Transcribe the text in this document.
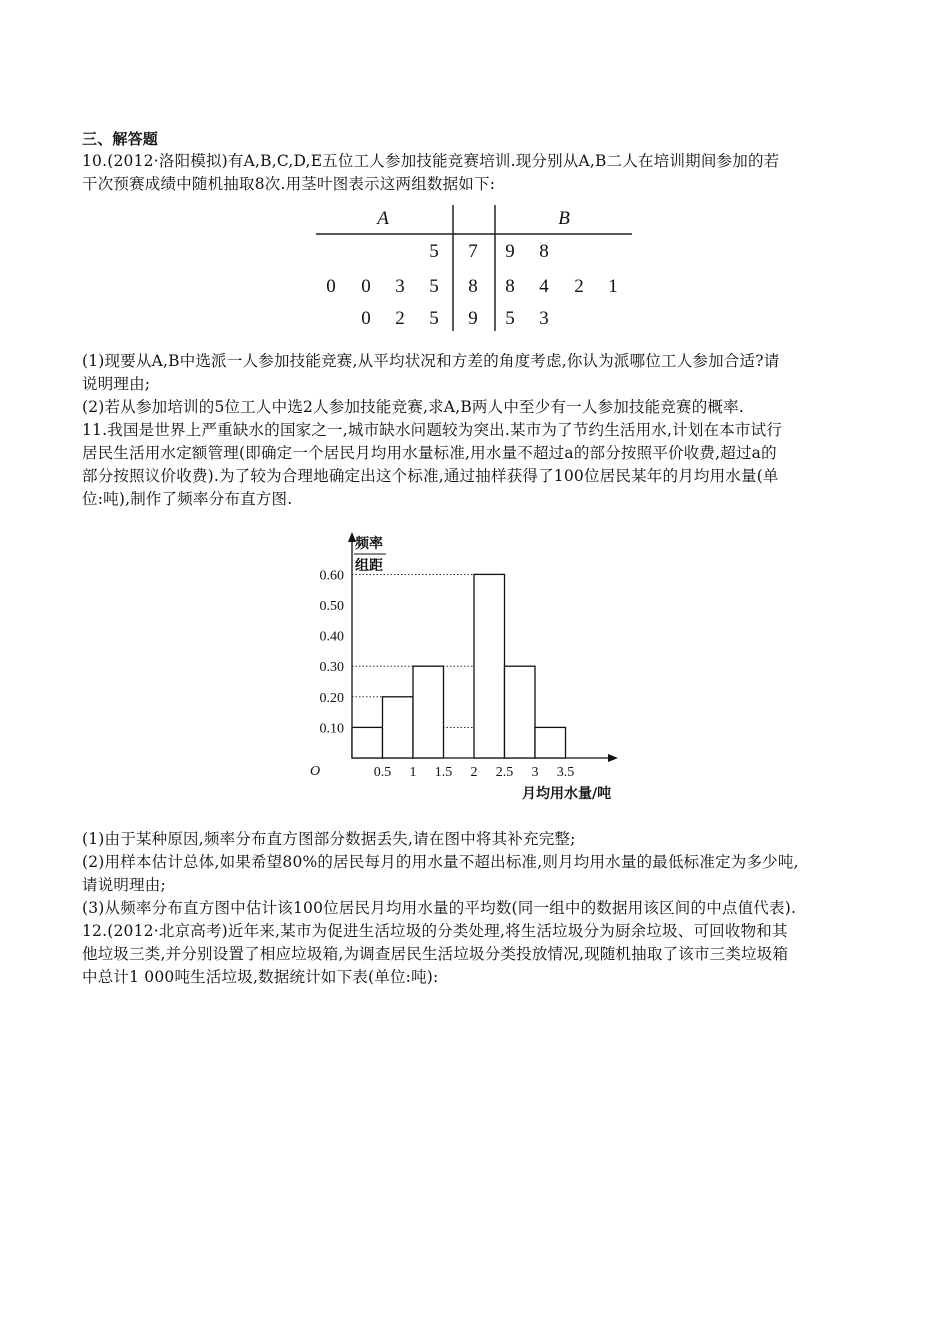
三、解答题
10.(2012·洛阳模拟)有A,B,C,D,E五位工人参加技能竞赛培训.现分别从A,B二人在培训期间参加的若
干次预赛成绩中随机抽取8次.用茎叶图表示这两组数据如下:
A	B
5 7 9 8
0 0 3 5 8 8 4 2 1
0 2 5 9 5 3
(1)现要从A,B中选派一人参加技能竞赛,从平均状况和方差的角度考虑,你认为派哪位工人参加合适?请
说明理由;
(2)若从参加培训的5位工人中选2人参加技能竞赛,求A,B两人中至少有一人参加技能竞赛的概率.
11.我国是世界上严重缺水的国家之一,城市缺水问题较为突出.某市为了节约生活用水,计划在本市试行
居民生活用水定额管理(即确定一个居民月均用水量标准,用水量不超过a的部分按照平价收费,超过a的
部分按照议价收费).为了较为合理地确定出这个标准,通过抽样获得了100位居民某年的月均用水量(单
位:吨),制作了频率分布直方图.
0.10
0.20
0.30
0.40
0.50
0.60
0.5 1 1.5 2 2.5 3 3.5
频率
组距
O
月均用水量/吨
(1)由于某种原因,频率分布直方图部分数据丢失,请在图中将其补充完整;
(2)用样本估计总体,如果希望80%的居民每月的用水量不超出标准,则月均用水量的最低标准定为多少吨,
请说明理由;
(3)从频率分布直方图中估计该100位居民月均用水量的平均数(同一组中的数据用该区间的中点值代表).
12.(2012·北京高考)近年来,某市为促进生活垃圾的分类处理,将生活垃圾分为厨余垃圾、可回收物和其
他垃圾三类,并分别设置了相应垃圾箱,为调查居民生活垃圾分类投放情况,现随机抽取了该市三类垃圾箱
中总计1 000吨生活垃圾,数据统计如下表(单位:吨):
